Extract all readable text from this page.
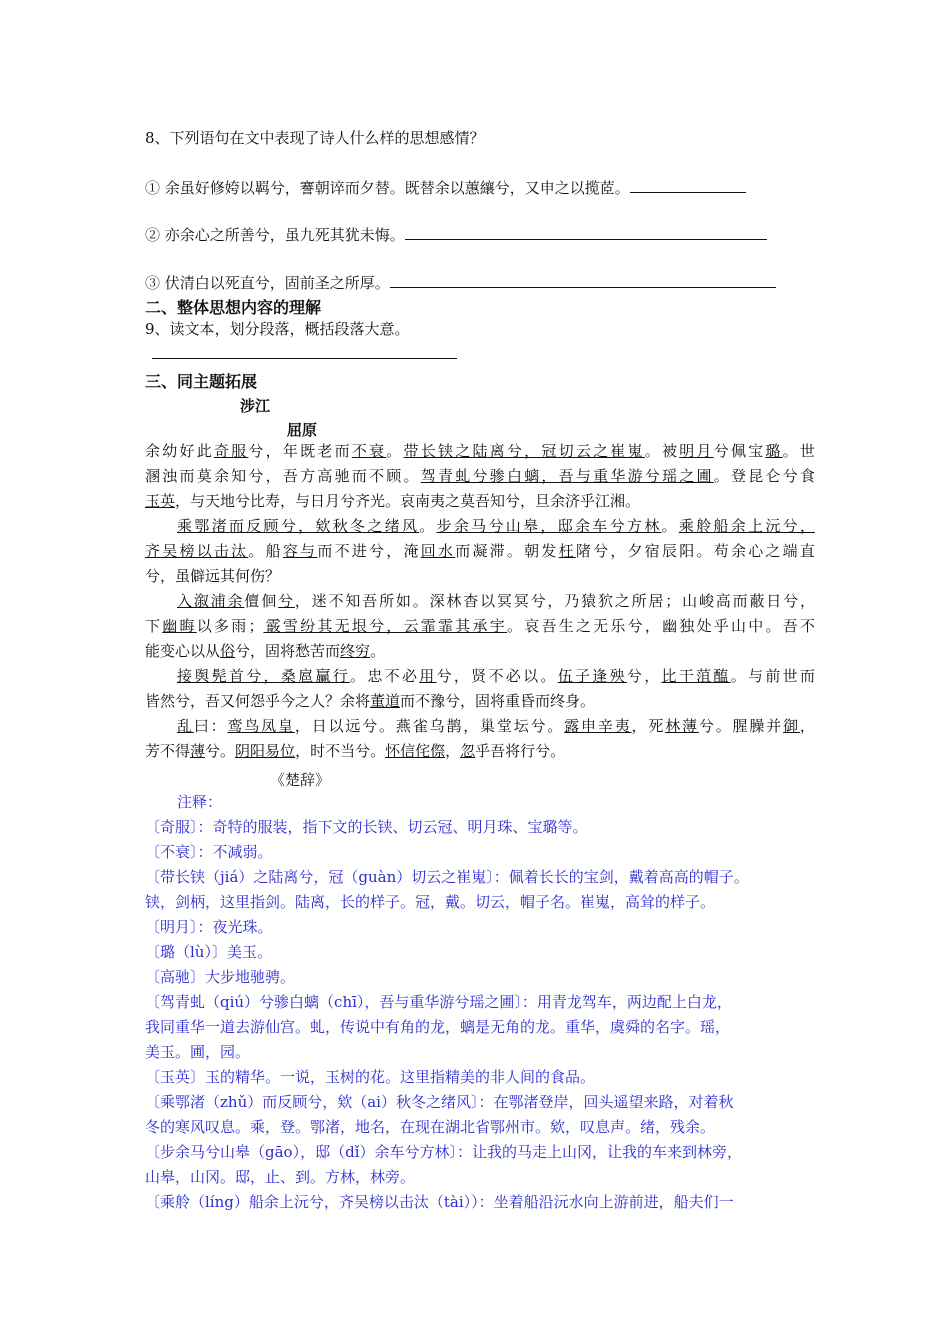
8、下列语句在文中表现了诗人什么样的思想感情？
① 余虽好修姱以羁兮，謇朝谇而夕替。既替余以蕙纕兮，又申之以揽茝。
② 亦余心之所善兮，虽九死其犹未悔。
③ 伏清白以死直兮，固前圣之所厚。
二、整体思想内容的理解
9、读文本，划分段落，概括段落大意。
三、同主题拓展
涉江
屈原

余幼好此奇服兮，年既老而不衰。带长铗之陆离兮，冠切云之崔嵬。被明月兮佩宝璐。世

溷浊而莫余知兮，吾方高驰而不顾。驾青虬兮骖白螭，吾与重华游兮瑶之圃。登昆仑兮食

玉英，与天地兮比寿，与日月兮齐光。哀南夷之莫吾知兮，旦余济乎江湘。

乘鄂渚而反顾兮，欸秋冬之绪风。步余马兮山皋，邸余车兮方林。乘舲船余上沅兮，

齐吴榜以击汰。船容与而不进兮，淹回水而凝滞。朝发枉陼兮，夕宿辰阳。苟余心之端直

兮，虽僻远其何伤？

入溆浦余儃佪兮，迷不知吾所如。深林杳以冥冥兮，乃猿狖之所居；山峻高而蔽日兮，

下幽晦以多雨；霰雪纷其无垠兮，云霏霏其承宇。哀吾生之无乐兮，幽独处乎山中。吾不

能变心以从俗兮，固将愁苦而终穷。

接舆髡首兮，桑扈臝行。忠不必用兮，贤不必以。伍子逢殃兮，比干菹醢。与前世而

皆然兮，吾又何怨乎今之人？余将董道而不豫兮，固将重昏而终身。

乱曰：鸾鸟凤皇，日以远兮。燕雀乌鹊，巢堂坛兮。露申辛夷，死林薄兮。腥臊并御，

芳不得薄兮。阴阳易位，时不当兮。怀信侘傺，忽乎吾将行兮。

《楚辞》

注释：

〔奇服〕：奇特的服装，指下文的长铗、切云冠、明月珠、宝璐等。

〔不衰〕：不减弱。

〔带长铗（jiá）之陆离兮，冠（guàn）切云之崔嵬〕：佩着长长的宝剑，戴着高高的帽子。

铗，剑柄，这里指剑。陆离，长的样子。冠，戴。切云，帽子名。崔嵬，高耸的样子。

〔明月〕：夜光珠。

〔璐（lù）〕美玉。

〔高驰〕大步地驰骋。

〔驾青虬（qiú）兮骖白螭（chī），吾与重华游兮瑶之圃〕：用青龙驾车，两边配上白龙，

我同重华一道去游仙宫。虬，传说中有角的龙，螭是无角的龙。重华，虞舜的名字。瑶，

美玉。圃，园。

〔玉英〕玉的精华。一说，玉树的花。这里指精美的非人间的食品。

〔乘鄂渚（zhǔ）而反顾兮，欸（ai）秋冬之绪风〕：在鄂渚登岸，回头遥望来路，对着秋

冬的寒风叹息。乘，登。鄂渚，地名，在现在湖北省鄂州市。欸，叹息声。绪，残余。

〔步余马兮山皋（gāo），邸（dǐ）余车兮方林〕：让我的马走上山冈，让我的车来到林旁，

山皋，山冈。邸，止、到。方林，林旁。

〔乘舲（líng）船余上沅兮，齐吴榜以击汰（tài））：坐着船沿沅水向上游前进，船夫们一
